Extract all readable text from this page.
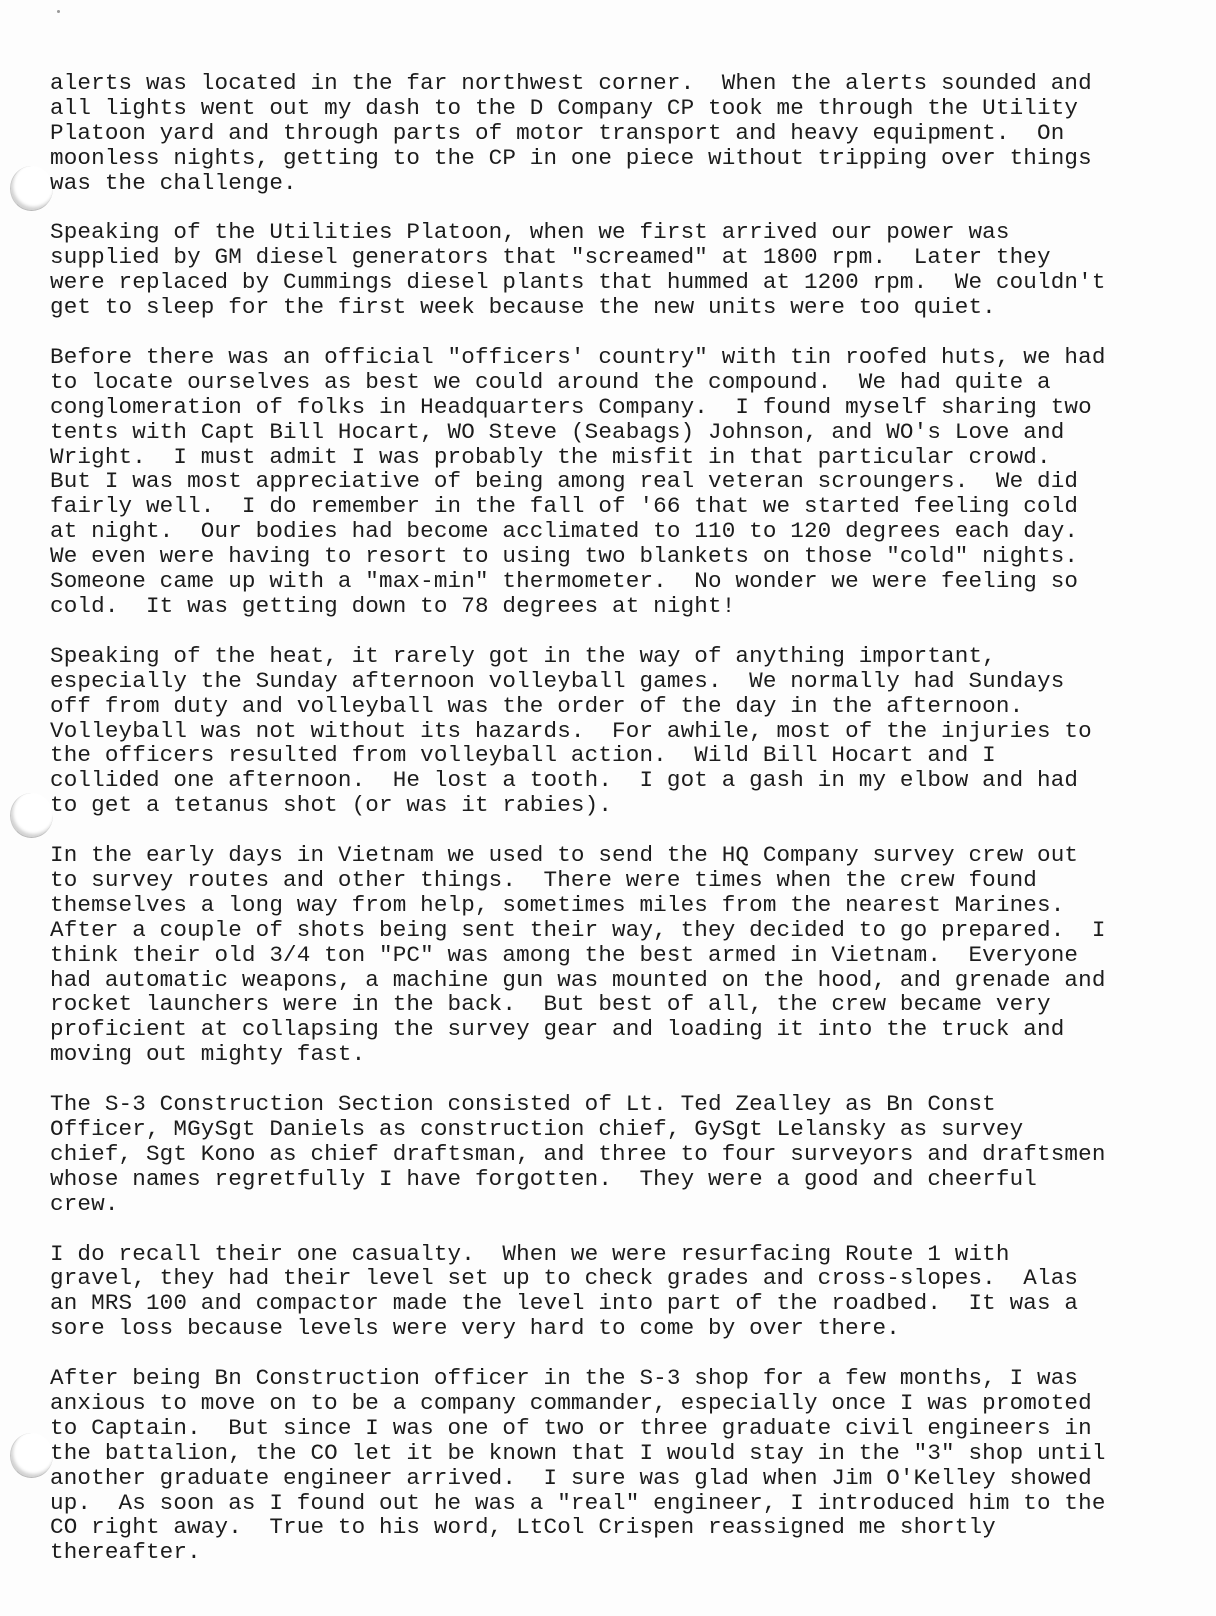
alerts was located in the far northwest corner.  When the alerts sounded and
all lights went out my dash to the D Company CP took me through the Utility
Platoon yard and through parts of motor transport and heavy equipment.  On
moonless nights, getting to the CP in one piece without tripping over things
was the challenge.

Speaking of the Utilities Platoon, when we first arrived our power was
supplied by GM diesel generators that "screamed" at 1800 rpm.  Later they
were replaced by Cummings diesel plants that hummed at 1200 rpm.  We couldn't
get to sleep for the first week because the new units were too quiet.

Before there was an official "officers' country" with tin roofed huts, we had
to locate ourselves as best we could around the compound.  We had quite a
conglomeration of folks in Headquarters Company.  I found myself sharing two
tents with Capt Bill Hocart, WO Steve (Seabags) Johnson, and WO's Love and
Wright.  I must admit I was probably the misfit in that particular crowd.
But I was most appreciative of being among real veteran scroungers.  We did
fairly well.  I do remember in the fall of '66 that we started feeling cold
at night.  Our bodies had become acclimated to 110 to 120 degrees each day.
We even were having to resort to using two blankets on those "cold" nights.
Someone came up with a "max-min" thermometer.  No wonder we were feeling so
cold.  It was getting down to 78 degrees at night!

Speaking of the heat, it rarely got in the way of anything important,
especially the Sunday afternoon volleyball games.  We normally had Sundays
off from duty and volleyball was the order of the day in the afternoon.
Volleyball was not without its hazards.  For awhile, most of the injuries to
the officers resulted from volleyball action.  Wild Bill Hocart and I
collided one afternoon.  He lost a tooth.  I got a gash in my elbow and had
to get a tetanus shot (or was it rabies).

In the early days in Vietnam we used to send the HQ Company survey crew out
to survey routes and other things.  There were times when the crew found
themselves a long way from help, sometimes miles from the nearest Marines.
After a couple of shots being sent their way, they decided to go prepared.  I
think their old 3/4 ton "PC" was among the best armed in Vietnam.  Everyone
had automatic weapons, a machine gun was mounted on the hood, and grenade and
rocket launchers were in the back.  But best of all, the crew became very
proficient at collapsing the survey gear and loading it into the truck and
moving out mighty fast.

The S-3 Construction Section consisted of Lt. Ted Zealley as Bn Const
Officer, MGySgt Daniels as construction chief, GySgt Lelansky as survey
chief, Sgt Kono as chief draftsman, and three to four surveyors and draftsmen
whose names regretfully I have forgotten.  They were a good and cheerful
crew.

I do recall their one casualty.  When we were resurfacing Route 1 with
gravel, they had their level set up to check grades and cross-slopes.  Alas
an MRS 100 and compactor made the level into part of the roadbed.  It was a
sore loss because levels were very hard to come by over there.

After being Bn Construction officer in the S-3 shop for a few months, I was
anxious to move on to be a company commander, especially once I was promoted
to Captain.  But since I was one of two or three graduate civil engineers in
the battalion, the CO let it be known that I would stay in the "3" shop until
another graduate engineer arrived.  I sure was glad when Jim O'Kelley showed
up.  As soon as I found out he was a "real" engineer, I introduced him to the
CO right away.  True to his word, LtCol Crispen reassigned me shortly
thereafter.
